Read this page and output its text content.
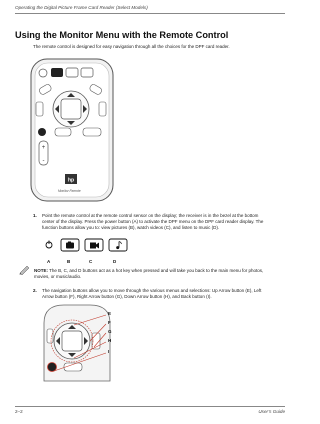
Operating the Digital Picture Frame Card Reader (Select Models)
Using the Monitor Menu with the Remote Control
The remote control is designed for easy navigation through all the choices for the DPF card reader.
+
-
hp
Monitor Remote
1. Point the remote control at the remote control sensor on the display; the receiver is in the bezel at the bottom
center of the display. Press the power button (A) to activate the DPF menu on the DPF card reader display. The
function buttons allow you to: view pictures (B), watch videos (C), and listen to music (D).
A	B	C	D
NOTE: The B, C, and D buttons act as a hot key when pressed and will take you back to the main menu for photos,
movies, or music/audio.
2. The navigation buttons allow you to move through the various menus and selections: Up Arrow button (E), Left
Arrow button (F), Right Arrow button (G), Down Arrow button (H), and Back button (I).
E
F
G
H
I
2–2	User’s Guide
